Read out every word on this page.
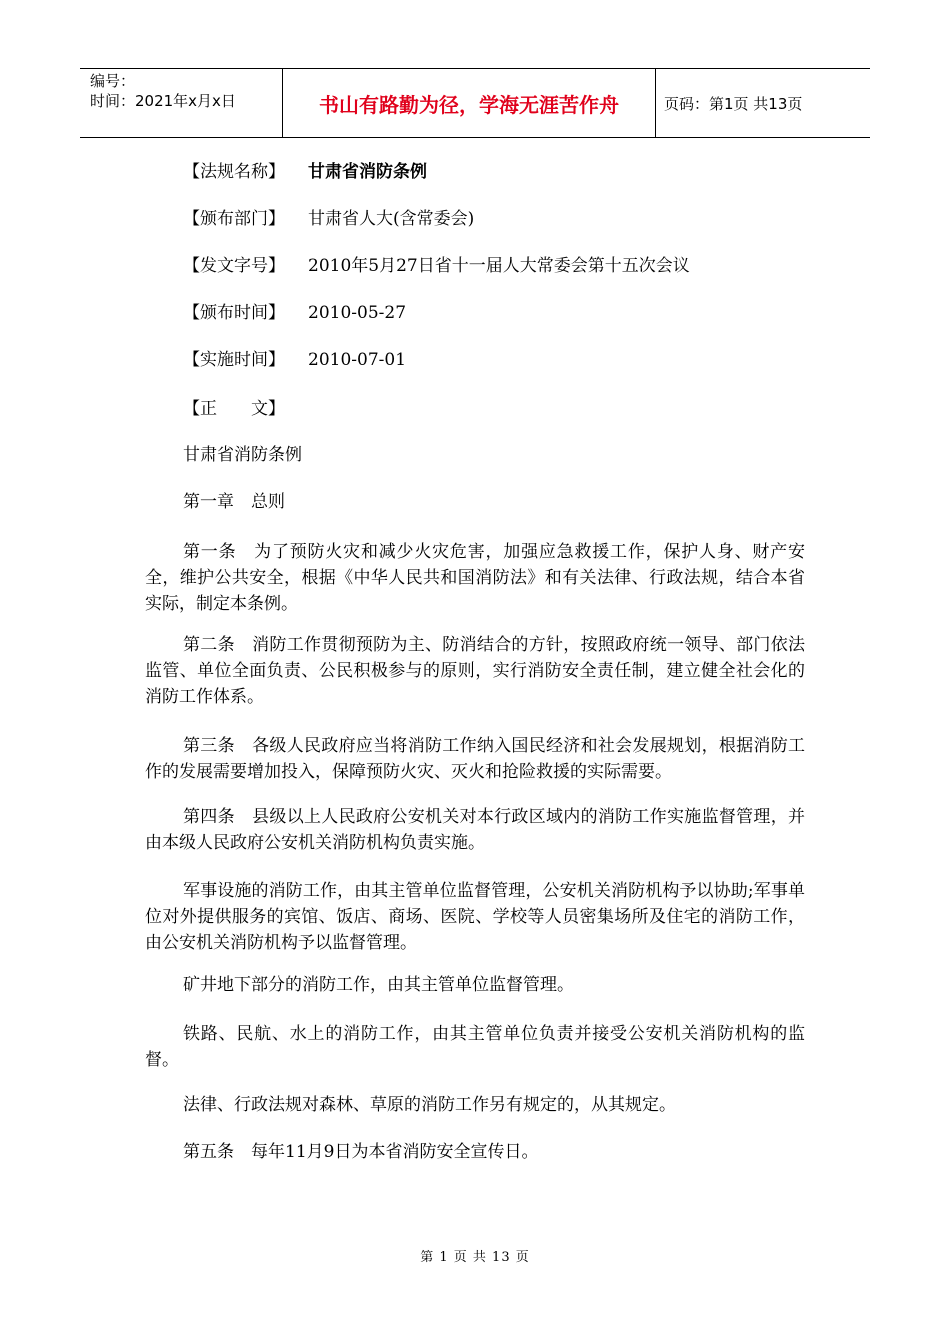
编号：
时间：2021年x月x日	书山有路勤为径，学海无涯苦作舟	页码：第1页 共13页
【法规名称】 甘肃省消防条例
【颁布部门】 甘肃省人大(含常委会)
【发文字号】 2010年5月27日省十一届人大常委会第十五次会议
【颁布时间】 2010-05-27
【实施时间】 2010-07-01
【正　　文】
甘肃省消防条例
第一章　总则

第一条　为了预防火灾和减少火灾危害，加强应急救援工作，保护人身、财产安全，维护公共安全，根据《中华人民共和国消防法》和有关法律、行政法规，结合本省实际，制定本条例。

第二条　消防工作贯彻预防为主、防消结合的方针，按照政府统一领导、部门依法监管、单位全面负责、公民积极参与的原则，实行消防安全责任制，建立健全社会化的消防工作体系。

第三条　各级人民政府应当将消防工作纳入国民经济和社会发展规划，根据消防工作的发展需要增加投入，保障预防火灾、灭火和抢险救援的实际需要。

第四条　县级以上人民政府公安机关对本行政区域内的消防工作实施监督管理，并由本级人民政府公安机关消防机构负责实施。

军事设施的消防工作，由其主管单位监督管理，公安机关消防机构予以协助;军事单位对外提供服务的宾馆、饭店、商场、医院、学校等人员密集场所及住宅的消防工作，由公安机关消防机构予以监督管理。

矿井地下部分的消防工作，由其主管单位监督管理。

铁路、民航、水上的消防工作，由其主管单位负责并接受公安机关消防机构的监督。

法律、行政法规对森林、草原的消防工作另有规定的，从其规定。

第五条　每年11月9日为本省消防安全宣传日。

第 1 页 共 13 页
